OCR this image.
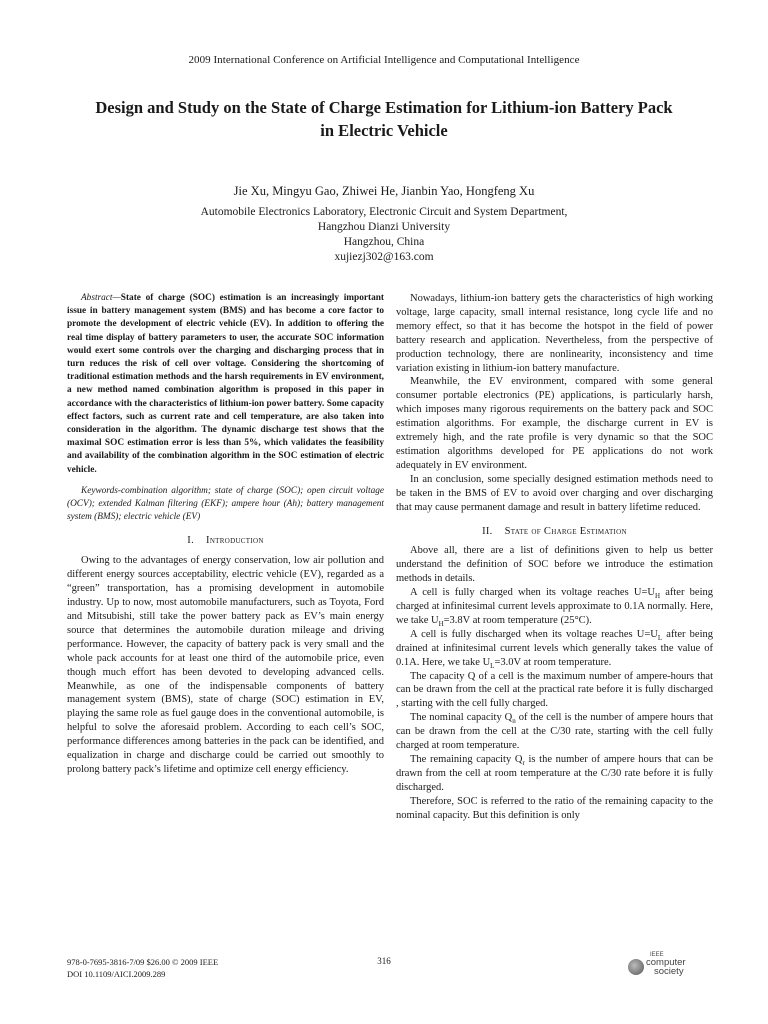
2009 International Conference on Artificial Intelligence and Computational Intelligence
Design and Study on the State of Charge Estimation for Lithium-ion Battery Pack
in Electric Vehicle
Jie Xu, Mingyu Gao, Zhiwei He, Jianbin Yao, Hongfeng Xu
Automobile Electronics Laboratory, Electronic Circuit and System Department,
Hangzhou Dianzi University
Hangzhou, China
xujiezj302@163.com

Abstract—State of charge (SOC) estimation is an increasingly important issue in battery management system (BMS) and has become a core factor to promote the development of electric vehicle (EV). In addition to offering the real time display of battery parameters to user, the accurate SOC information would exert some controls over the charging and discharging process that in turn reduces the risk of cell over voltage. Considering the shortcoming of traditional estimation methods and the harsh requirements in EV environment, a new method named combination algorithm is proposed in this paper in accordance with the characteristics of lithium-ion power battery. Some capacity effect factors, such as current rate and cell temperature, are also taken into consideration in the algorithm. The dynamic discharge test shows that the maximal SOC estimation error is less than 5%, which validates the feasibility and availability of the combination algorithm in the SOC estimation of electric vehicle.

Keywords-combination algorithm; state of charge (SOC); open circuit voltage (OCV); extended Kalman filtering (EKF); ampere hour (Ah); battery management system (BMS); electric vehicle (EV)

I. Introduction

Owing to the advantages of energy conservation, low air pollution and different energy sources acceptability, electric vehicle (EV), regarded as a “green” transportation, has a promising development in automobile industry. Up to now, most automobile manufacturers, such as Toyota, Ford and Mitsubishi, still take the power battery pack as EV’s main energy source that determines the automobile duration mileage and driving performance. However, the capacity of battery pack is very small and the whole pack accounts for at least one third of the automobile price, even though much effort has been devoted to developing advanced cells. Meanwhile, as one of the indispensable components of battery management system (BMS), state of charge (SOC) estimation in EV, playing the same role as fuel gauge does in the conventional automobile, is helpful to solve the aforesaid problem. According to each cell’s SOC, performance differences among batteries in the pack can be identified, and equalization in charge and discharge could be carried out smoothly to prolong battery pack’s lifetime and optimize cell energy efficiency.

Nowadays, lithium-ion battery gets the characteristics of high working voltage, large capacity, small internal resistance, long cycle life and no memory effect, so that it has become the hotspot in the field of power battery research and application. Nevertheless, from the perspective of production technology, there are nonlinearity, inconsistency and time variation existing in lithium-ion battery manufacture.

Meanwhile, the EV environment, compared with some general consumer portable electronics (PE) applications, is particularly harsh, which imposes many rigorous requirements on the battery pack and SOC estimation algorithms. For example, the discharge current in EV is extremely high, and the rate profile is very dynamic so that the SOC estimation algorithms developed for PE applications do not work adequately in EV environment.

In an conclusion, some specially designed estimation methods need to be taken in the BMS of EV to avoid over charging and over discharging that may cause permanent damage and result in battery lifetime reduced.

II. State of Charge Estimation

Above all, there are a list of definitions given to help us better understand the definition of SOC before we introduce the estimation methods in details.

A cell is fully charged when its voltage reaches $U=U_H$ after being charged at infinitesimal current levels approximate to 0.1A normally. Here, we take $U_H=3.8V$ at room temperature (25°C).

A cell is fully discharged when its voltage reaches $U=U_L$ after being drained at infinitesimal current levels which generally takes the value of 0.1A. Here, we take $U_L=3.0V$ at room temperature.

The capacity Q of a cell is the maximum number of ampere-hours that can be drawn from the cell at the practical rate before it is fully discharged , starting with the cell fully charged.

The nominal capacity $Q_n$ of the cell is the number of ampere hours that can be drawn from the cell at the C/30 rate, starting with the cell fully charged at room temperature.

The remaining capacity $Q_r$ is the number of ampere hours that can be drawn from the cell at room temperature at the C/30 rate before it is fully discharged.

Therefore, SOC is referred to the ratio of the remaining capacity to the nominal capacity. But this definition is only

978-0-7695-3816-7/09 $26.00 © 2009 IEEE
DOI 10.1109/AICI.2009.289
316
IEEE
computer
society
